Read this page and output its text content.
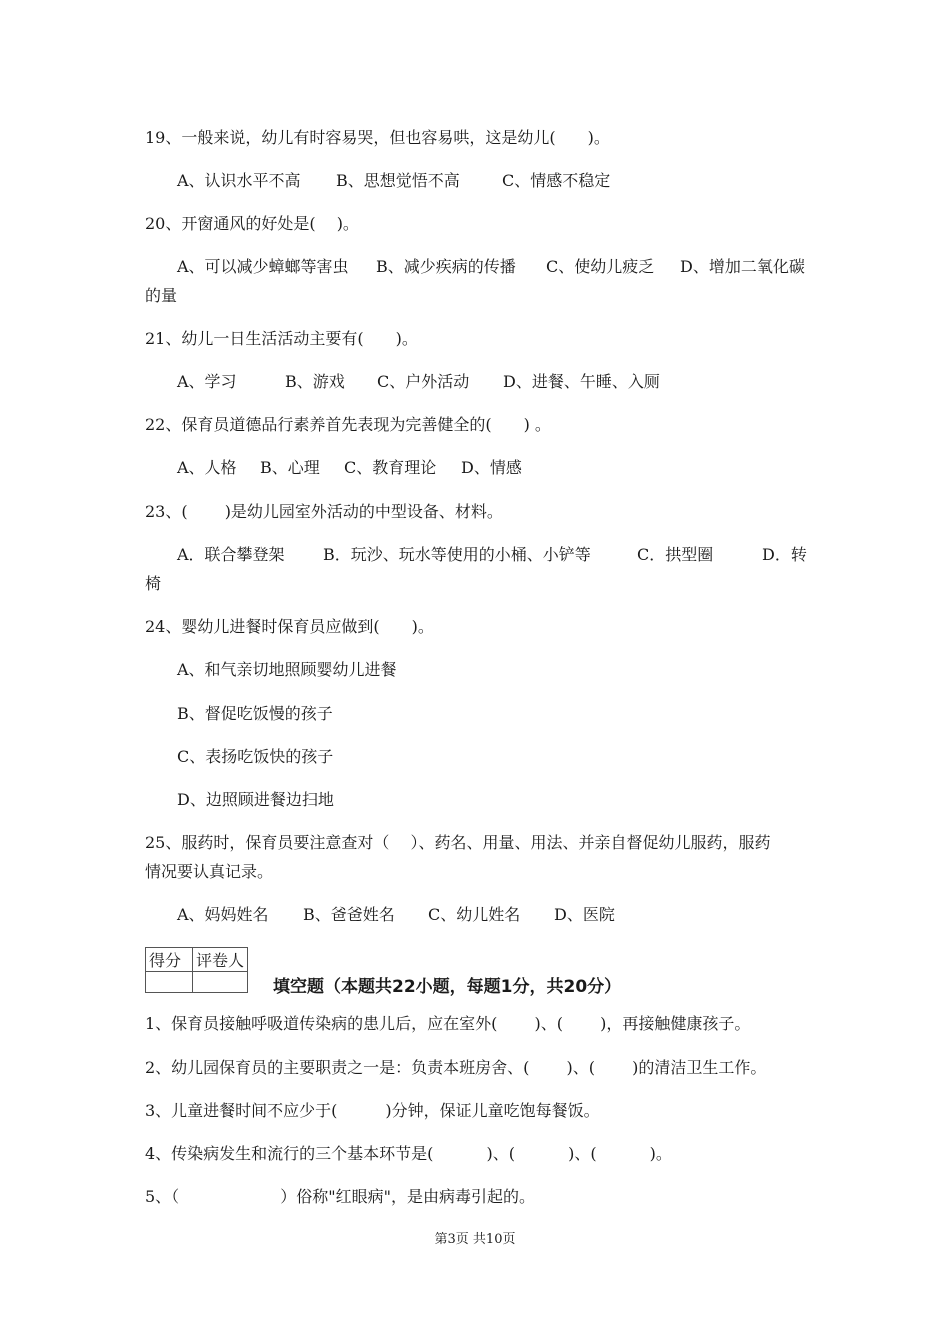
19、一般来说，幼儿有时容易哭，但也容易哄，这是幼儿(　　)。
A、认识水平不高 B、思想觉悟不高	C、情感不稳定
20、开窗通风的好处是(　 )。
A、可以减少蟑螂等害虫 B、减少疾病的传播 C、使幼儿疲乏 D、增加二氧化碳
的量
21、幼儿一日生活活动主要有(　　)。
A、学习	B、游戏 C、户外活动 D、进餐、午睡、入厕
22、保育员道德品行素养首先表现为完善健全的(　　) 。
A、人格 B、心理 C、教育理论 D、情感
23、(　　 )是幼儿园室外活动的中型设备、材料。
A．联合攀登架 B．玩沙、玩水等使用的小桶、小铲等	C．拱型圈	D．转
椅
24、婴幼儿进餐时保育员应做到(　　)。
A、和气亲切地照顾婴幼儿进餐
B、督促吃饭慢的孩子
C、表扬吃饭快的孩子
D、边照顾进餐边扫地
25、服药时，保育员要注意查对（　 ）、药名、用量、用法、并亲自督促幼儿服药，服药
情况要认真记录。
A、妈妈姓名 B、爸爸姓名 C、幼儿姓名 D、医院
得分	评卷人

填空题（本题共22小题，每题1分，共20分）
1、保育员接触呼吸道传染病的患儿后，应在室外(　　 )、(　　 )，再接触健康孩子。
2、幼儿园保育员的主要职责之一是：负责本班房舍、(　　 )、(　　 )的清洁卫生工作。
3、儿童进餐时间不应少于(　　　)分钟，保证儿童吃饱每餐饭。
4、传染病发生和流行的三个基本环节是(　　　 )、(　　　 )、(　　　 )。
5、（　　　　　　 ）俗称"红眼病"，是由病毒引起的。
第3页 共10页
